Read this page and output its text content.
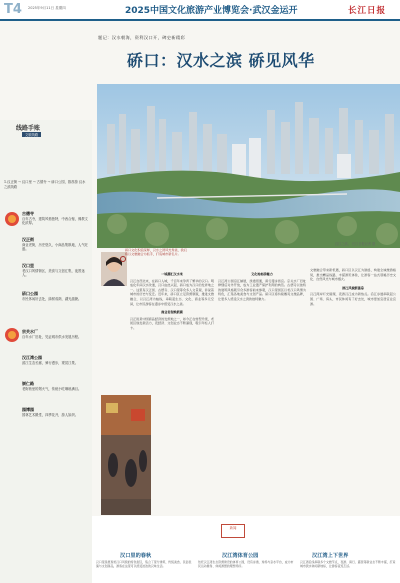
T4 2025年9月11日 星期四	2025中国文化旅游产业博览会·武汉金运开	长江日报
题记：汉水朝海，资利汉口开，碑史新精彩
硚口：汉水之滨 硚见风华
汉江之滨。 长江日报记者 摄
线路手账
文旅线路
1.汉正街 → 汉口里 → 古德寺 → 硚口公园，推荐游 汉水之滨线路
古德寺
百年古寺，建筑风格独特，中西合璧，佛教文化浓厚。
汉正街
商业老街，历史悠久，小商品集散地，人气旺盛。
汉口里
老汉口风情街区，美食与文创汇集，夜景迷人。
硚口公园
市民休闲好去处，绿树成荫，湖光潋滟。
宗关水厂
百年水厂旧址，见证城市供水发展历程。
汉江湾公园
滨江生态长廊，骑行漫步，观赏江景。
崇仁路
老街巷里的烟火气，传统小吃琳琅满目。
园博园
园林艺术殿堂，四季花开，游人如织。
硚口文化积淀深厚，汉水之滨风光秀美，我们将以文旅融合为抓手，打造城市新名片。
一城潮汇汉水来
汉江自西北来，在硚口入城，千百年来孕育了繁华的汉口。明成化年间汉水改道，汉口由此兴起，硚口成为汉口的发祥地之一。这里有汉正街、古德寺、汉口里等众多人文景观，诉说着城市的历史与变迁。近年来，硚口区立足资源禀赋，推进文旅融合，以汉江湾为轴线，串联起生态、文化、商业等多元空间，让市民游客在漫步中感受汉水之美。
商业老街焕新颜
汉正街是中国商品经济的发源地之一，如今正在转型升级，老街区焕发新活力，夜经济、文创业态不断涌现，吸引年轻人打卡。
文化地标添魅力
汉江湾公园沿江铺展，绿道贯通，骑行漫步皆宜。宗关水厂旧址修缮后对外开放，成为工业遗产保护利用的典范。古德寺以独特的建筑风格吸引众多游客前来参观，汉口里街区以老汉口风情为特色，汇集各地美食与文创产品。硚口区将持续擦亮文旅品牌，让更多人感受汉水之滨的独特魅力。
文旅融合带来新机遇，硚口区以汉江为脉络，构建全域旅游格局，推出精品线路，丰富游览体验，让游客一站式领略历史文化、自然风光与城市烟火。
滨江风貌新画卷
汉江两岸灯光璀璨，夜游汉江成为新热点。沿江步道串联起公园、广场、码头，市民休闲有了好去处，城市更加宜居宜业宜游。
新闻
汉口里的春秋
汉口里是展现老汉口风貌的特色街区，集合了里分建筑、传统美食、民俗表演与文创商品，游客在这里可以感受浓浓的汉味生活。
汉江湾体育公园
依托汉江湾生态资源建设的体育公园，设有步道、球场与亲水平台，成为市民运动健身、休闲游憩的理想场所。
汉江湾上下世界
汉江湾沿线串联多个文旅节点，夜游、骑行、露营等新业态不断丰富，打造城市滨水休闲新地标，让游客流连忘返。
